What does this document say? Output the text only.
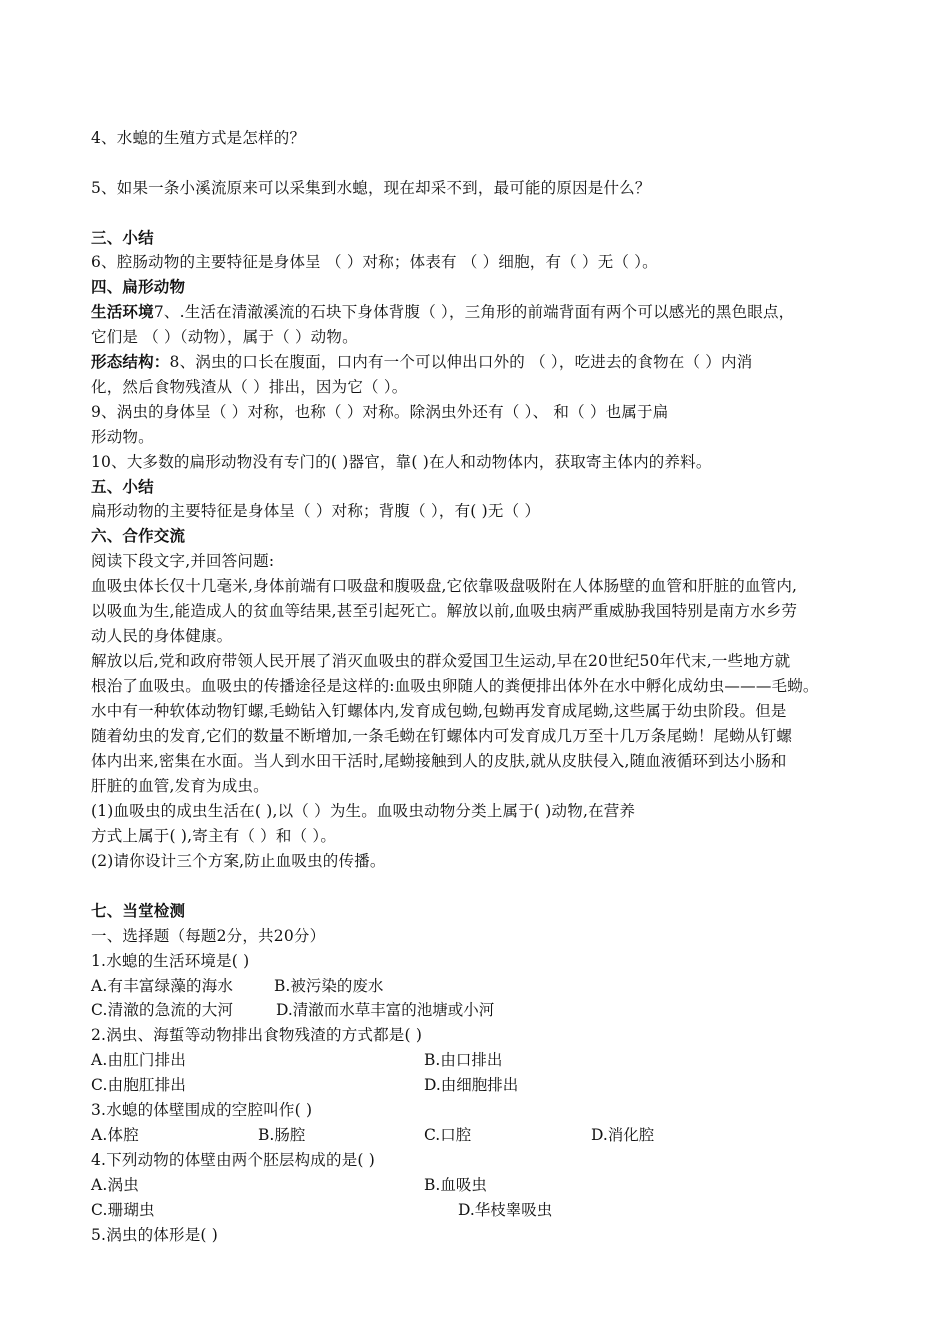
4、水螅的生殖方式是怎样的？
5、如果一条小溪流原来可以采集到水螅，现在却采不到，最可能的原因是什么？
三、小结
6、腔肠动物的主要特征是身体呈 （ ）对称；体表有 （ ）细胞，有（ ）无（ ）。
四、扁形动物
生活环境7、.生活在清澈溪流的石块下身体背腹（ ），三角形的前端背面有两个可以感光的黑色眼点，
它们是 （ ）（动物），属于（ ）动物。
形态结构：8、涡虫的口长在腹面，口内有一个可以伸出口外的 （ ），吃进去的食物在（ ）内消
化，然后食物残渣从（ ）排出，因为它（ ）。
9、涡虫的身体呈（ ）对称，也称（ ）对称。除涡虫外还有（ ）、 和（ ）也属于扁
形动物。
10、大多数的扁形动物没有专门的( )器官，靠( )在人和动物体内，获取寄主体内的养料。
五、小结
扁形动物的主要特征是身体呈（ ）对称；背腹（ ），有( )无（ ）
六、合作交流
阅读下段文字,并回答问题:
血吸虫体长仅十几毫米,身体前端有口吸盘和腹吸盘,它依靠吸盘吸附在人体肠壁的血管和肝脏的血管内,
以吸血为生,能造成人的贫血等结果,甚至引起死亡。解放以前,血吸虫病严重威胁我国特别是南方水乡劳
动人民的身体健康。
解放以后,党和政府带领人民开展了消灭血吸虫的群众爱国卫生运动,早在20世纪50年代末,一些地方就
根治了血吸虫。血吸虫的传播途径是这样的:血吸虫卵随人的粪便排出体外在水中孵化成幼虫———毛蚴。
水中有一种软体动物钉螺,毛蚴钻入钉螺体内,发育成包蚴,包蚴再发育成尾蚴,这些属于幼虫阶段。但是
随着幼虫的发育,它们的数量不断增加,一条毛蚴在钉螺体内可发育成几万至十几万条尾蚴！尾蚴从钉螺
体内出来,密集在水面。当人到水田干活时,尾蚴接触到人的皮肤,就从皮肤侵入,随血液循环到达小肠和
肝脏的血管,发育为成虫。
(1)血吸虫的成虫生活在( ),以（ ）为生。血吸虫动物分类上属于( )动物,在营养
方式上属于( ),寄主有（ ）和（ ）。
(2)请你设计三个方案,防止血吸虫的传播。
七、当堂检测
一、选择题（每题2分，共20分）
1.水螅的生活环境是( )
A.有丰富绿藻的海水	B.被污染的废水
C.清澈的急流的大河	D.清澈而水草丰富的池塘或小河
2.涡虫、海蜇等动物排出食物残渣的方式都是( )
A.由肛门排出	B.由口排出
C.由胞肛排出	D.由细胞排出
3.水螅的体壁围成的空腔叫作( )
A.体腔	B.肠腔	C.口腔	D.消化腔
4.下列动物的体壁由两个胚层构成的是( )
A.涡虫	B.血吸虫
C.珊瑚虫	D.华枝睾吸虫
5.涡虫的体形是( )
